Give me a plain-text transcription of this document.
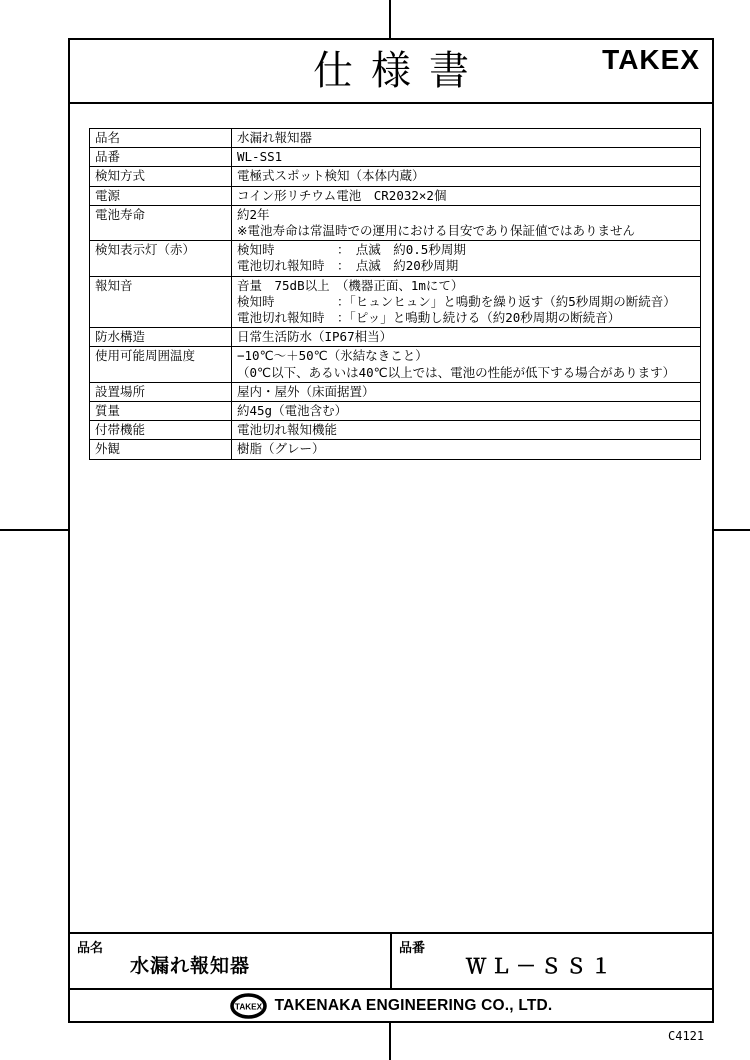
仕様書	TAKEX
品名	水漏れ報知器

品番	WL-SS1

検知方式	電極式スポット検知（本体内蔵）

電源	コイン形リチウム電池　CR2032×2個

電池寿命	約2年
※電池寿命は常温時での運用における目安であり保証値ではありません

検知表示灯（赤）	検知時　　　　　：　点滅　約0.5秒周期
電池切れ報知時　：　点滅　約20秒周期

報知音	音量　75dB以上　（機器正面、1mにて）
検知時　　　　　：「ヒュンヒュン」と鳴動を繰り返す（約5秒周期の断続音）
電池切れ報知時　：「ピッ」と鳴動し続ける（約20秒周期の断続音）

防水構造	日常生活防水（IP67相当）

使用可能周囲温度	−10℃～＋50℃（氷結なきこと）
（0℃以下、あるいは40℃以上では、電池の性能が低下する場合があります）

設置場所	屋内・屋外（床面据置）

質量	約45g（電池含む）

付帯機能	電池切れ報知機能

外観	樹脂（グレー）
品名
水漏れ報知器
品番
ＷＬ－ＳＳ１
TAKEX TAKENAKA ENGINEERING CO., LTD.
C4121
